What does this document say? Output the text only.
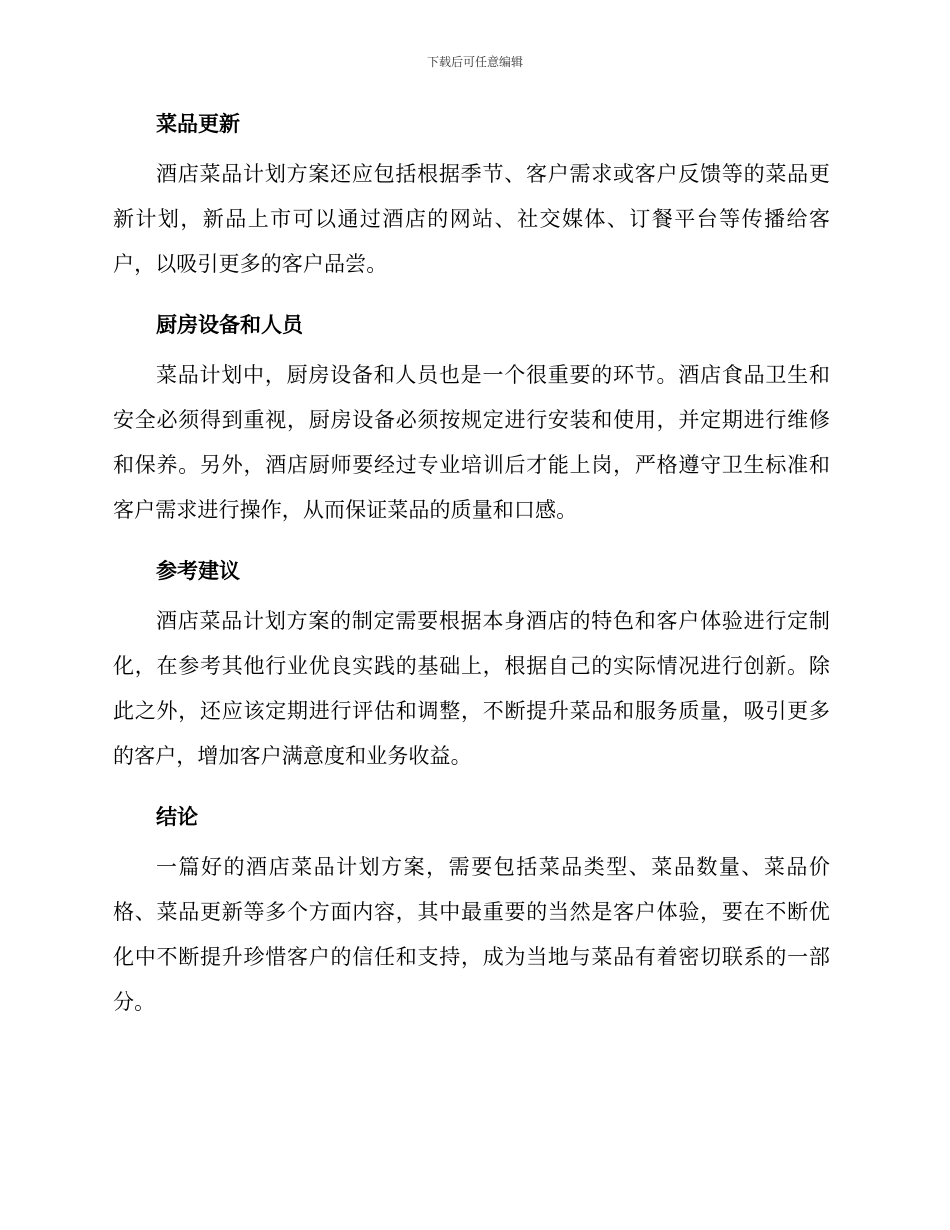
下载后可任意编辑
菜品更新

酒店菜品计划方案还应包括根据季节、客户需求或客户反馈等的菜品更新计划，新品上市可以通过酒店的网站、社交媒体、订餐平台等传播给客户，以吸引更多的客户品尝。

厨房设备和人员

菜品计划中，厨房设备和人员也是一个很重要的环节。酒店食品卫生和安全必须得到重视，厨房设备必须按规定进行安装和使用，并定期进行维修和保养。另外，酒店厨师要经过专业培训后才能上岗，严格遵守卫生标准和客户需求进行操作，从而保证菜品的质量和口感。

参考建议

酒店菜品计划方案的制定需要根据本身酒店的特色和客户体验进行定制化，在参考其他行业优良实践的基础上，根据自己的实际情况进行创新。除此之外，还应该定期进行评估和调整，不断提升菜品和服务质量，吸引更多的客户，增加客户满意度和业务收益。

结论

一篇好的酒店菜品计划方案，需要包括菜品类型、菜品数量、菜品价格、菜品更新等多个方面内容，其中最重要的当然是客户体验，要在不断优化中不断提升珍惜客户的信任和支持，成为当地与菜品有着密切联系的一部分。
